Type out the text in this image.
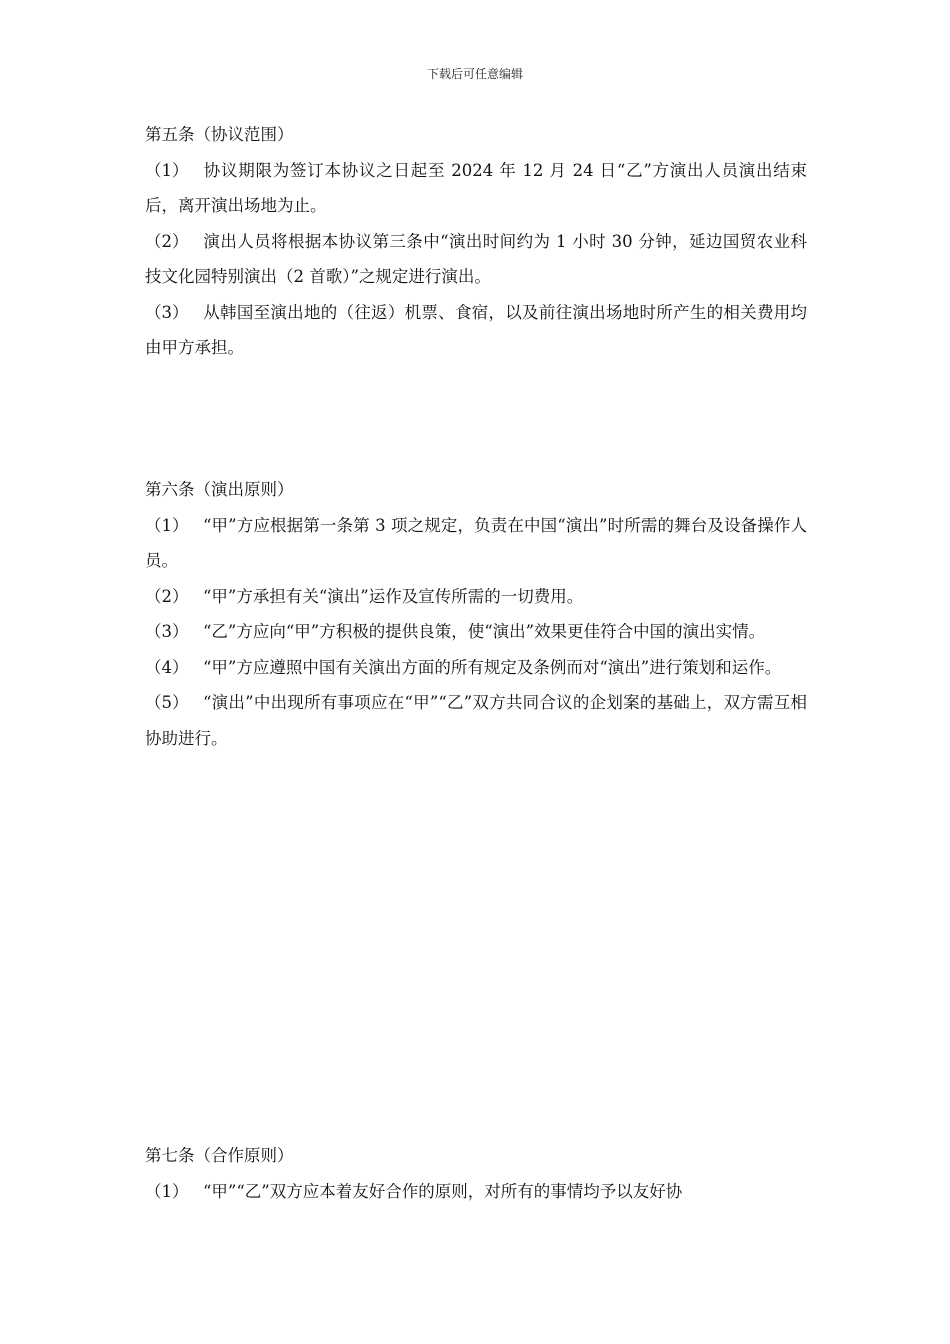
下载后可任意编辑
第五条（协议范围）
（1） 协议期限为签订本协议之日起至 2024 年 12 月 24 日“乙”方演出人员演出结束后，离开演出场地为止。
（2） 演出人员将根据本协议第三条中“演出时间约为 1 小时 30 分钟，延边国贸农业科技文化园特别演出（2 首歌）”之规定进行演出。
（3） 从韩国至演出地的（往返）机票、食宿，以及前往演出场地时所产生的相关费用均由甲方承担。
第六条（演出原则）
（1） “甲”方应根据第一条第 3 项之规定，负责在中国“演出”时所需的舞台及设备操作人员。
（2） “甲”方承担有关“演出”运作及宣传所需的一切费用。
（3） “乙”方应向“甲”方积极的提供良策，使“演出”效果更佳符合中国的演出实情。
（4） “甲”方应遵照中国有关演出方面的所有规定及条例而对“演出”进行策划和运作。
（5） “演出”中出现所有事项应在“甲”“乙”双方共同合议的企划案的基础上，双方需互相协助进行。
第七条（合作原则）
（1） “甲”“乙”双方应本着友好合作的原则，对所有的事情均予以友好协
